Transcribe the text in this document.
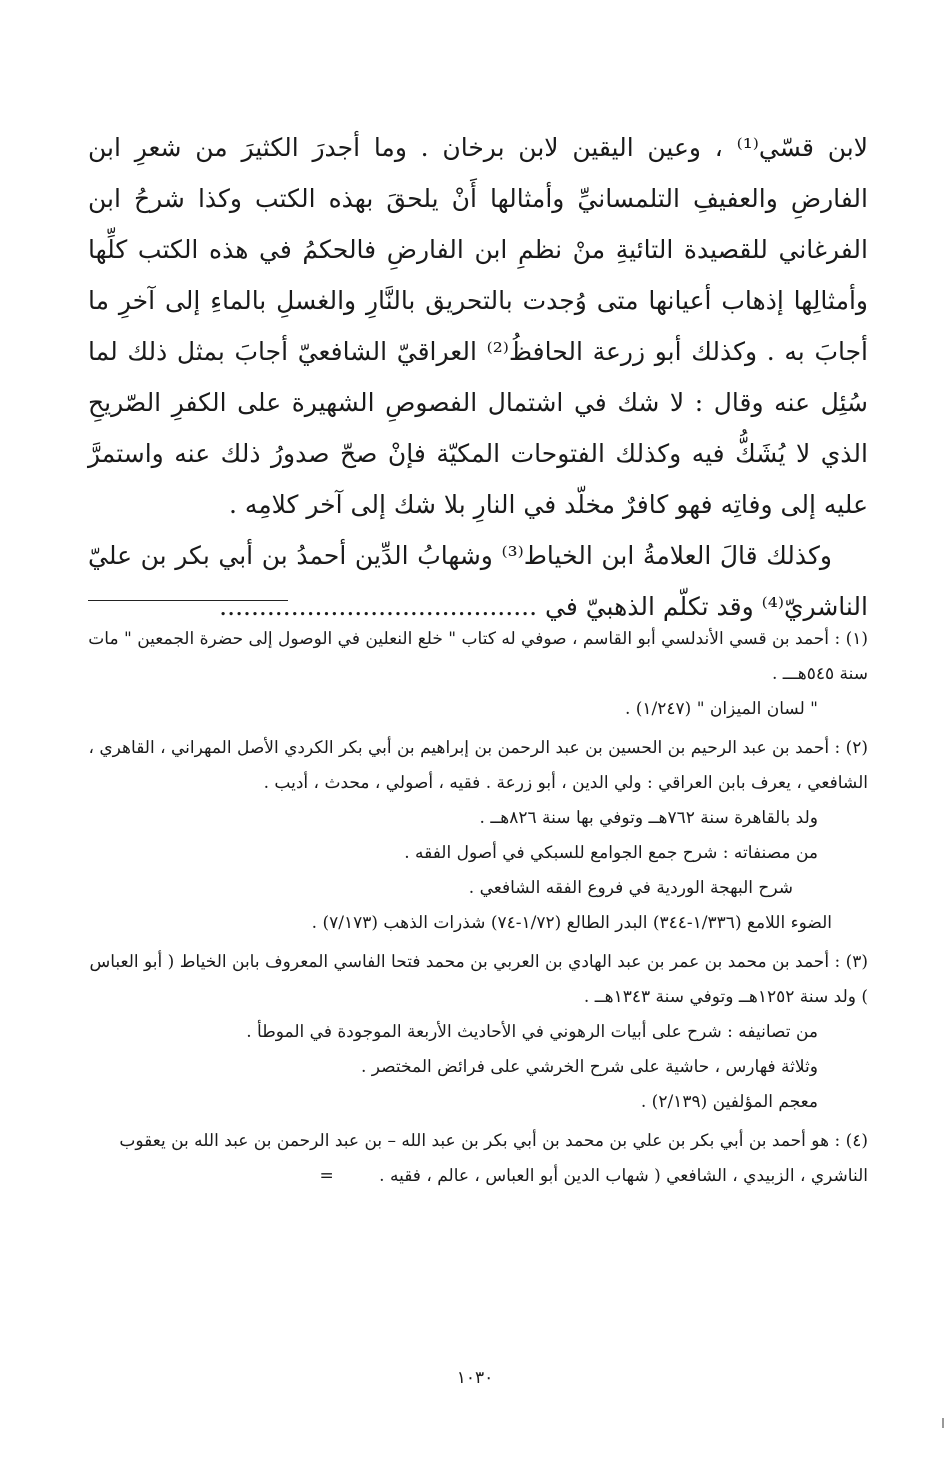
لابن قسّي⁽¹⁾ ، وعين اليقين لابن برخان . وما أجدرَ الكثيرَ من شعرِ ابن الفارضِ والعفيفِ التلمسانيِّ وأمثالها أَنْ يلحقَ بهذه الكتب وكذا شرحُ ابن الفرغاني للقصيدة التائيةِ منْ نظمِ ابن الفارضِ فالحكمُ في هذه الكتب كلِّها وأمثالِها إذهاب أعيانها متى وُجدت بالتحريق بالنَّارِ والغسلِ بالماءِ إلى آخرِ ما أجابَ به . وكذلك أبو زرعة الحافظُ⁽²⁾ العراقيّ الشافعيّ أجابَ بمثل ذلك لما سُئِل عنه وقال : لا شك في اشتمال الفصوصِ الشهيرة على الكفرِ الصّريحِ الذي لا يُشَكُّ فيه وكذلك الفتوحات المكيّة فإنْ صحّ صدورُ ذلك عنه واستمرَّ عليه إلى وفاتِه فهو كافرٌ مخلّد في النارِ بلا شك إلى آخر كلامِه .

وكذلك قالَ العلامةُ ابن الخياط⁽³⁾ وشهابُ الدِّين أحمدُ بن أبي بكر بن عليّ الناشريّ⁽⁴⁾ وقد تكلّم الذهبيّ في ........................................

(١) : أحمد بن قسي الأندلسي أبو القاسم ، صوفي له كتاب " خلع النعلين في الوصول إلى حضرة الجمعين " مات سنة ٥٤٥هـــ .
" لسان الميزان " (١/٢٤٧) .
(٢) : أحمد بن عبد الرحيم بن الحسين بن عبد الرحمن بن إبراهيم بن أبي بكر الكردي الأصل المهراني ، القاهري ، الشافعي ، يعرف بابن العراقي : ولي الدين ، أبو زرعة . فقيه ، أصولي ، محدث ، أديب .
ولد بالقاهرة سنة ٧٦٢هــ وتوفي بها سنة ٨٢٦هــ .
من مصنفاته : شرح جمع الجوامع للسبكي في أصول الفقه .
شرح البهجة الوردية في فروع الفقه الشافعي .
الضوء اللامع (١/٣٣٦-٣٤٤) البدر الطالع (١/٧٢-٧٤) شذرات الذهب (٧/١٧٣) .
(٣) : أحمد بن محمد بن عمر بن عبد الهادي بن العربي بن محمد فتحا الفاسي المعروف بابن الخياط ( أبو العباس ) ولد سنة ١٢٥٢هــ وتوفي سنة ١٣٤٣هــ .
من تصانيفه : شرح على أبيات الرهوني في الأحاديث الأربعة الموجودة في الموطأ .
وثلاثة فهارس ، حاشية على شرح الخرشي على فرائض المختصر .
معجم المؤلفين (٢/١٣٩) .
(٤) : هو أحمد بن أبي بكر بن علي بن محمد بن أبي بكر بن عبد الله – بن عبد الرحمن بن عبد الله بن يعقوب الناشري ، الزبيدي ، الشافعي ( شهاب الدين أبو العباس ، عالم ، فقيه . =
١٠٣٠
